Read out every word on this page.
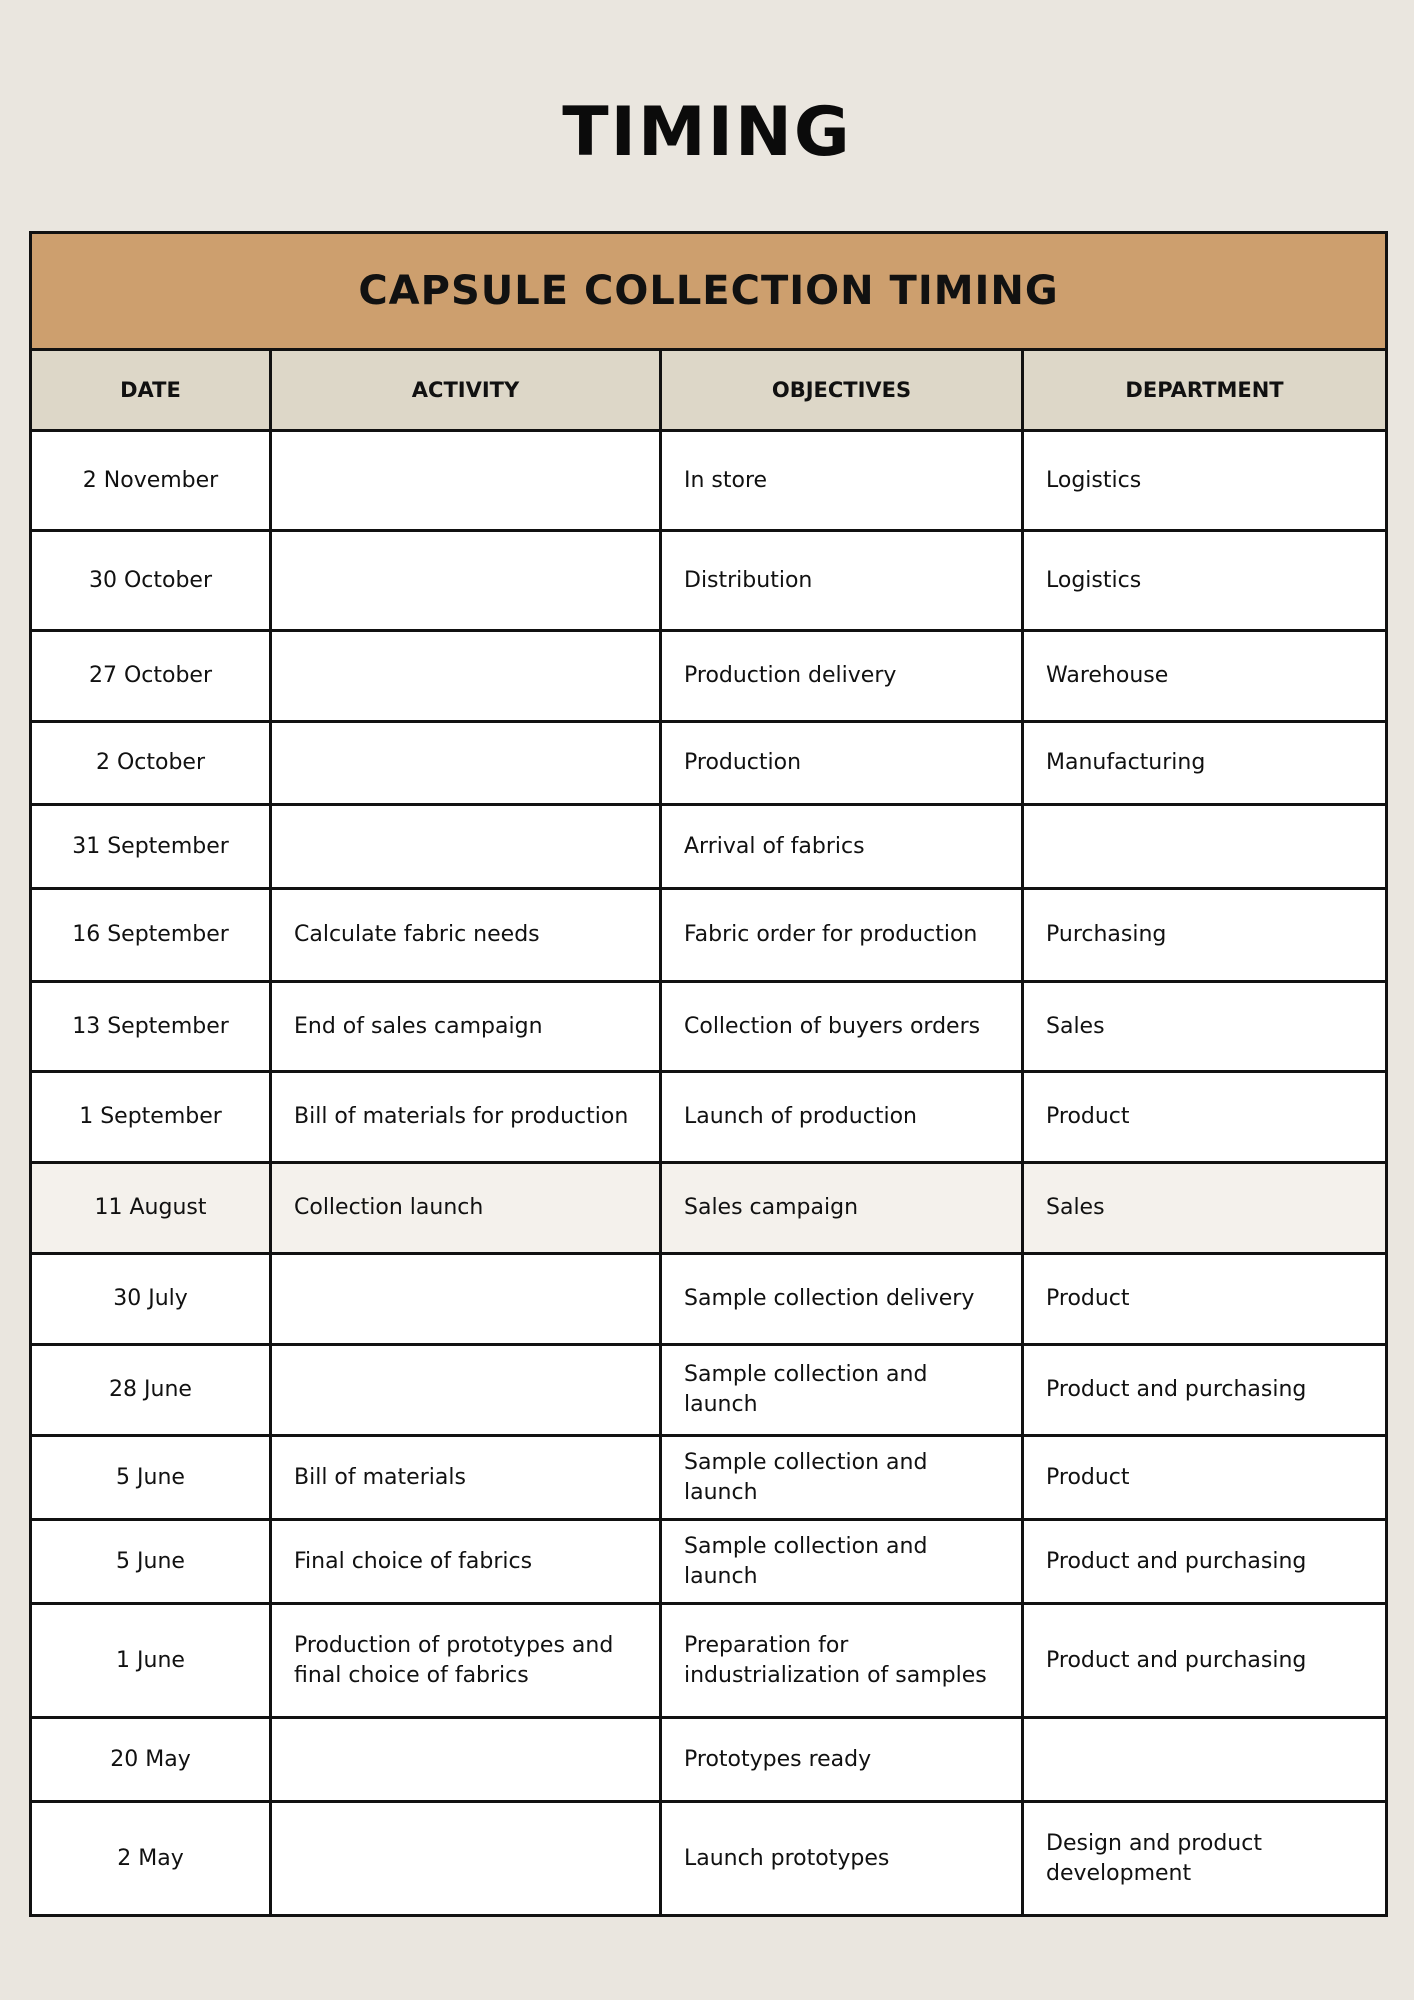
TIMING
CAPSULE COLLECTION TIMING			
DATE	ACTIVITY	OBJECTIVES	DEPARTMENT
2 November		In store	Logistics
30 October		Distribution	Logistics
27 October		Production delivery	Warehouse
2 October		Production	Manufacturing
31 September		Arrival of fabrics	
16 September	Calculate fabric needs	Fabric order for production	Purchasing
13 September	End of sales campaign	Collection of buyers orders	Sales
1 September	Bill of materials for production	Launch of production	Product
11 August	Collection launch	Sales campaign	Sales
30 July		Sample collection delivery	Product
28 June		Sample collection and launch	Product and purchasing
5 June	Bill of materials	Sample collection and launch	Product
5 June	Final choice of fabrics	Sample collection and launch	Product and purchasing
1 June	Production of prototypes and final choice of fabrics	Preparation for industrialization of samples	Product and purchasing
20 May		Prototypes ready	
2 May		Launch prototypes	Design and product development
